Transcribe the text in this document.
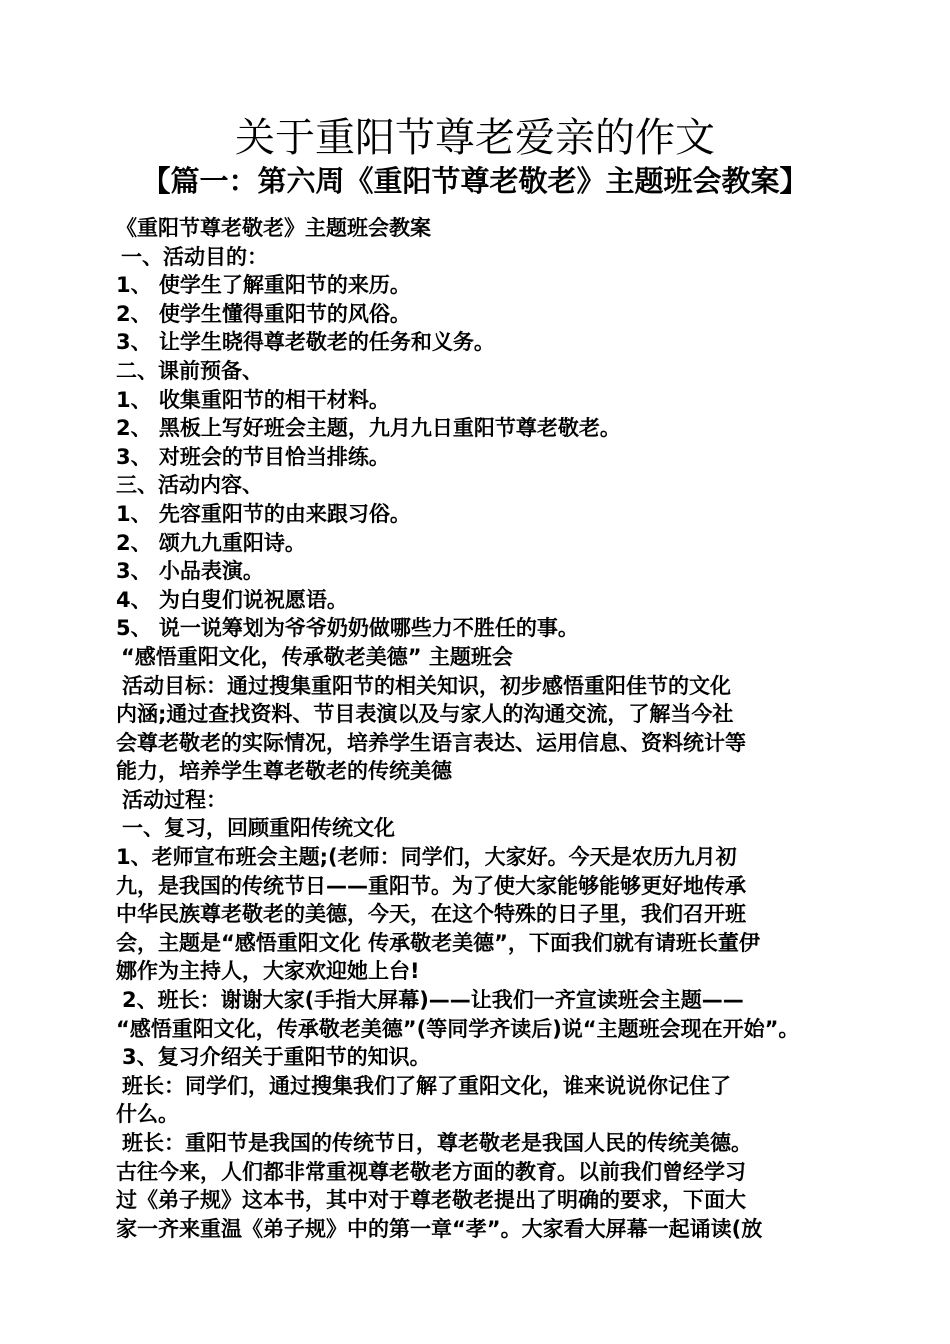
关于重阳节尊老爱亲的作文
【篇一：第六周《重阳节尊老敬老》主题班会教案】
《重阳节尊老敬老》主题班会教案
一、活动目的：
1、 使学生了解重阳节的来历。
2、 使学生懂得重阳节的风俗。
3、 让学生晓得尊老敬老的任务和义务。
二、课前预备、
1、 收集重阳节的相干材料。
2、 黑板上写好班会主题，九月九日重阳节尊老敬老。
3、 对班会的节目恰当排练。
三、活动内容、
1、 先容重阳节的由来跟习俗。
2、 颂九九重阳诗。
3、 小品表演。
4、 为白叟们说祝愿语。
5、 说一说筹划为爷爷奶奶做哪些力不胜任的事。
“感悟重阳文化，传承敬老美德” 主题班会
活动目标：通过搜集重阳节的相关知识，初步感悟重阳佳节的文化
内涵;通过查找资料、节目表演以及与家人的沟通交流，了解当今社
会尊老敬老的实际情况，培养学生语言表达、运用信息、资料统计等
能力，培养学生尊老敬老的传统美德
活动过程：
一、复习，回顾重阳传统文化
1、老师宣布班会主题;(老师：同学们，大家好。今天是农历九月初
九，是我国的传统节日——重阳节。为了使大家能够能够更好地传承
中华民族尊老敬老的美德，今天，在这个特殊的日子里，我们召开班
会，主题是“感悟重阳文化 传承敬老美德”，下面我们就有请班长董伊
娜作为主持人，大家欢迎她上台!
2、班长：谢谢大家(手指大屏幕)——让我们一齐宣读班会主题——
“感悟重阳文化，传承敬老美德”(等同学齐读后)说“主题班会现在开始”。
3、复习介绍关于重阳节的知识。
班长：同学们，通过搜集我们了解了重阳文化，谁来说说你记住了
什么。
班长：重阳节是我国的传统节日，尊老敬老是我国人民的传统美德。
古往今来，人们都非常重视尊老敬老方面的教育。以前我们曾经学习
过《弟子规》这本书，其中对于尊老敬老提出了明确的要求，下面大
家一齐来重温《弟子规》中的第一章“孝”。大家看大屏幕一起诵读(放
